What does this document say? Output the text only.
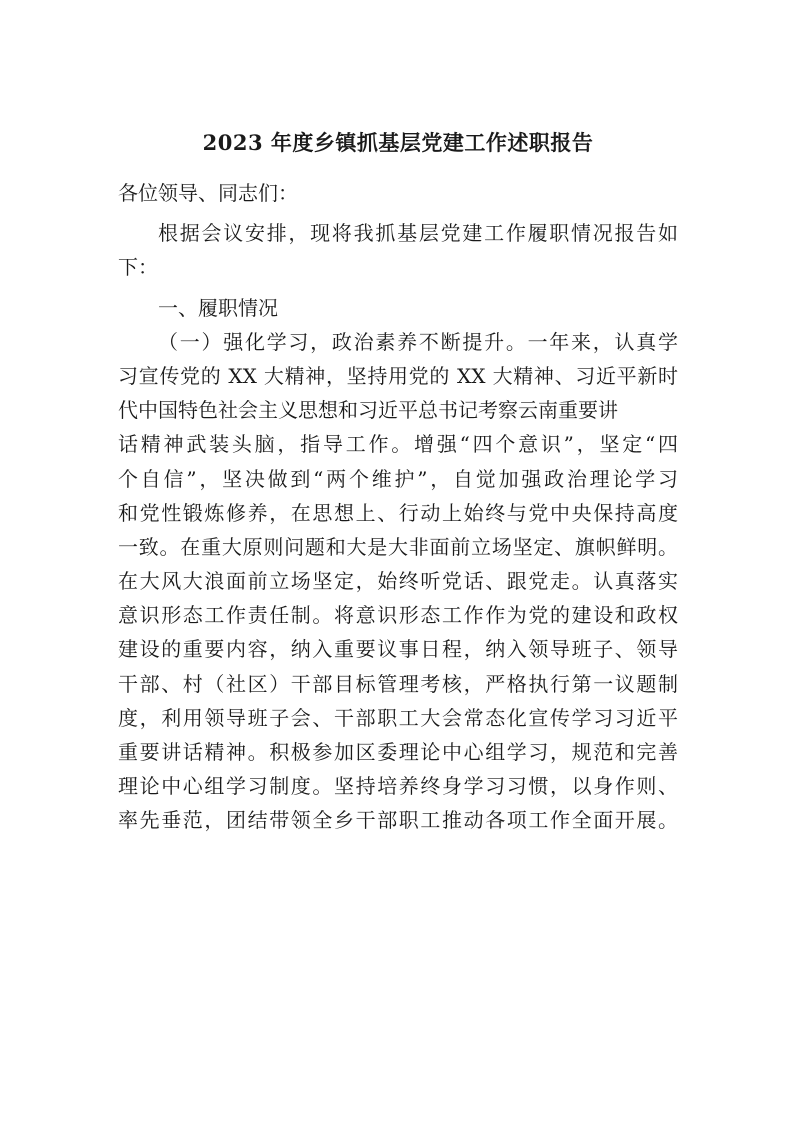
2023 年度乡镇抓基层党建工作述职报告
各位领导、同志们：
根据会议安排，现将我抓基层党建工作履职情况报告如
下：
一、履职情况
（一）强化学习，政治素养不断提升。一年来，认真学
习宣传党的 XX 大精神，坚持用党的 XX 大精神、习近平新时
代中国特色社会主义思想和习近平总书记考察云南重要讲
话精神武装头脑，指导工作。增强“四个意识”，坚定“四
个自信”，坚决做到“两个维护”，自觉加强政治理论学习
和党性锻炼修养，在思想上、行动上始终与党中央保持高度
一致。在重大原则问题和大是大非面前立场坚定、旗帜鲜明。
在大风大浪面前立场坚定，始终听党话、跟党走。认真落实
意识形态工作责任制。将意识形态工作作为党的建设和政权
建设的重要内容，纳入重要议事日程，纳入领导班子、领导
干部、村（社区）干部目标管理考核，严格执行第一议题制
度，利用领导班子会、干部职工大会常态化宣传学习习近平
重要讲话精神。积极参加区委理论中心组学习，规范和完善
理论中心组学习制度。坚持培养终身学习习惯，以身作则、
率先垂范，团结带领全乡干部职工推动各项工作全面开展。
